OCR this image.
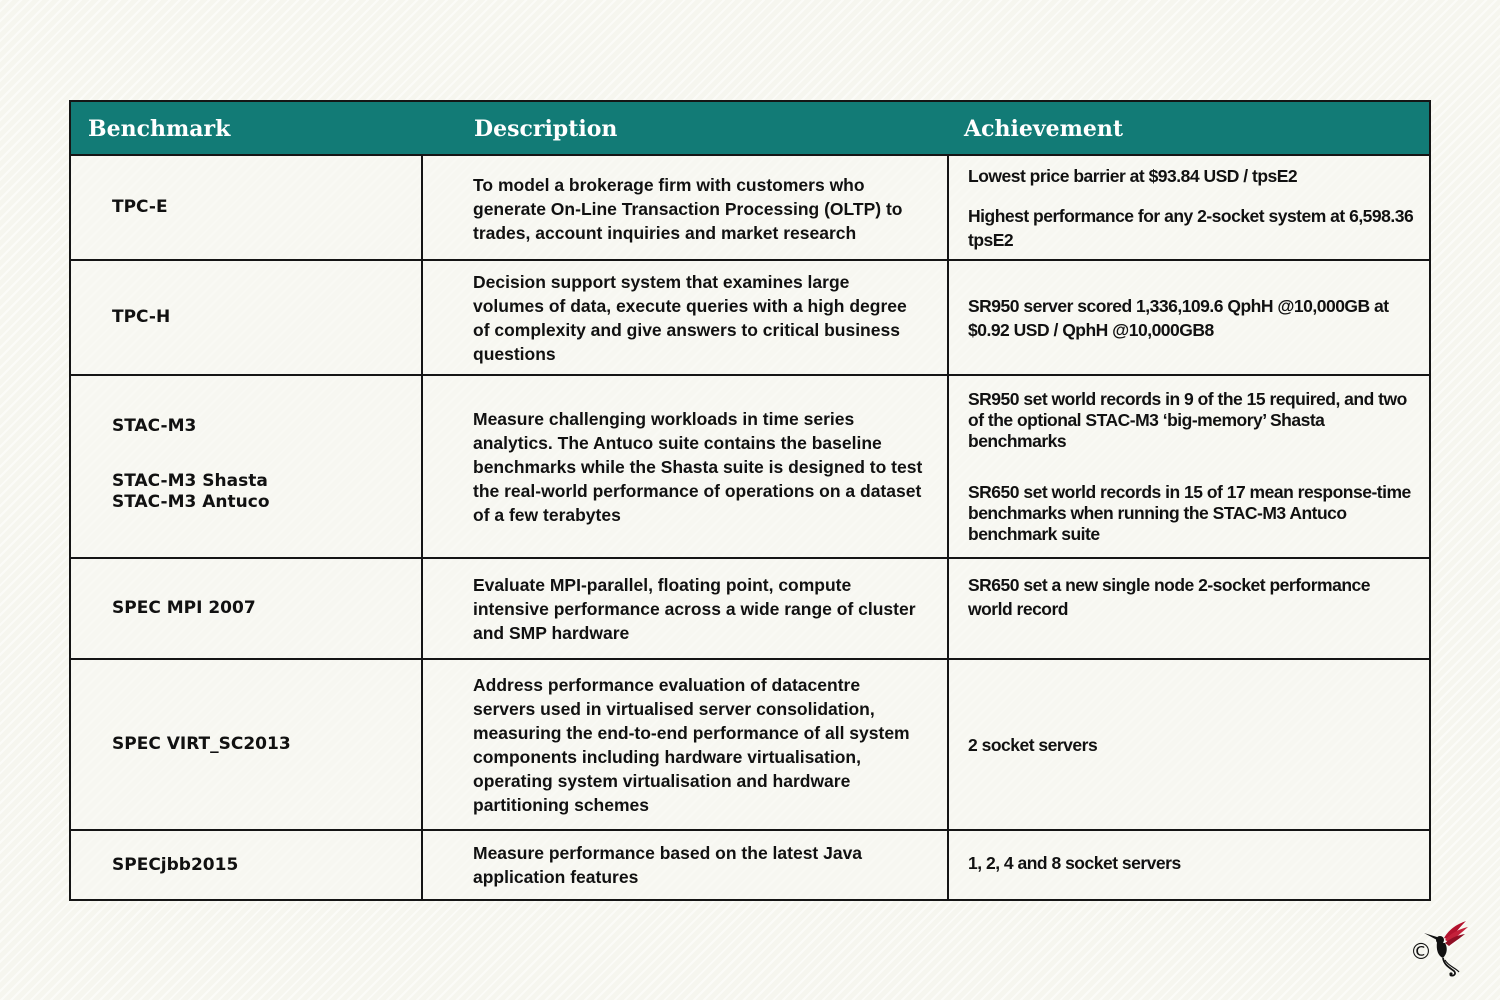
Benchmark	Description	Achievement
TPC-E
To model a brokerage firm with customers who generate On-Line Transaction Processing (OLTP) to trades, account inquiries and market research
Lowest price barrier at $93.84 USD / tpsE2
Highest performance for any 2-socket system at 6,598.36 tpsE2
TPC-H
Decision support system that examines large volumes of data, execute queries with a high degree of complexity and give answers to critical business questions
SR950 server scored 1,336,109.6 QphH @10,000GB at $0.92 USD / QphH @10,000GB8
STAC-M3
STAC-M3 Shasta
STAC-M3 Antuco
Measure challenging workloads in time series analytics. The Antuco suite contains the baseline benchmarks while the Shasta suite is designed to test the real-world performance of operations on a dataset of a few terabytes
SR950 set world records in 9 of the 15 required, and two of the optional STAC-M3 ‘big-memory’ Shasta benchmarks
SR650 set world records in 15 of 17 mean response-time benchmarks when running the STAC-M3 Antuco benchmark suite
SPEC MPI 2007
Evaluate MPI-parallel, floating point, compute intensive performance across a wide range of cluster and SMP hardware
SR650 set a new single node 2-socket performance world record
SPEC VIRT_SC2013
Address performance evaluation of datacentre servers used in virtualised server consolidation, measuring the end-to-end performance of all system components including hardware virtualisation, operating system virtualisation and hardware partitioning schemes
2 socket servers
SPECjbb2015
Measure performance based on the latest Java application features
1, 2, 4 and 8 socket servers
©
